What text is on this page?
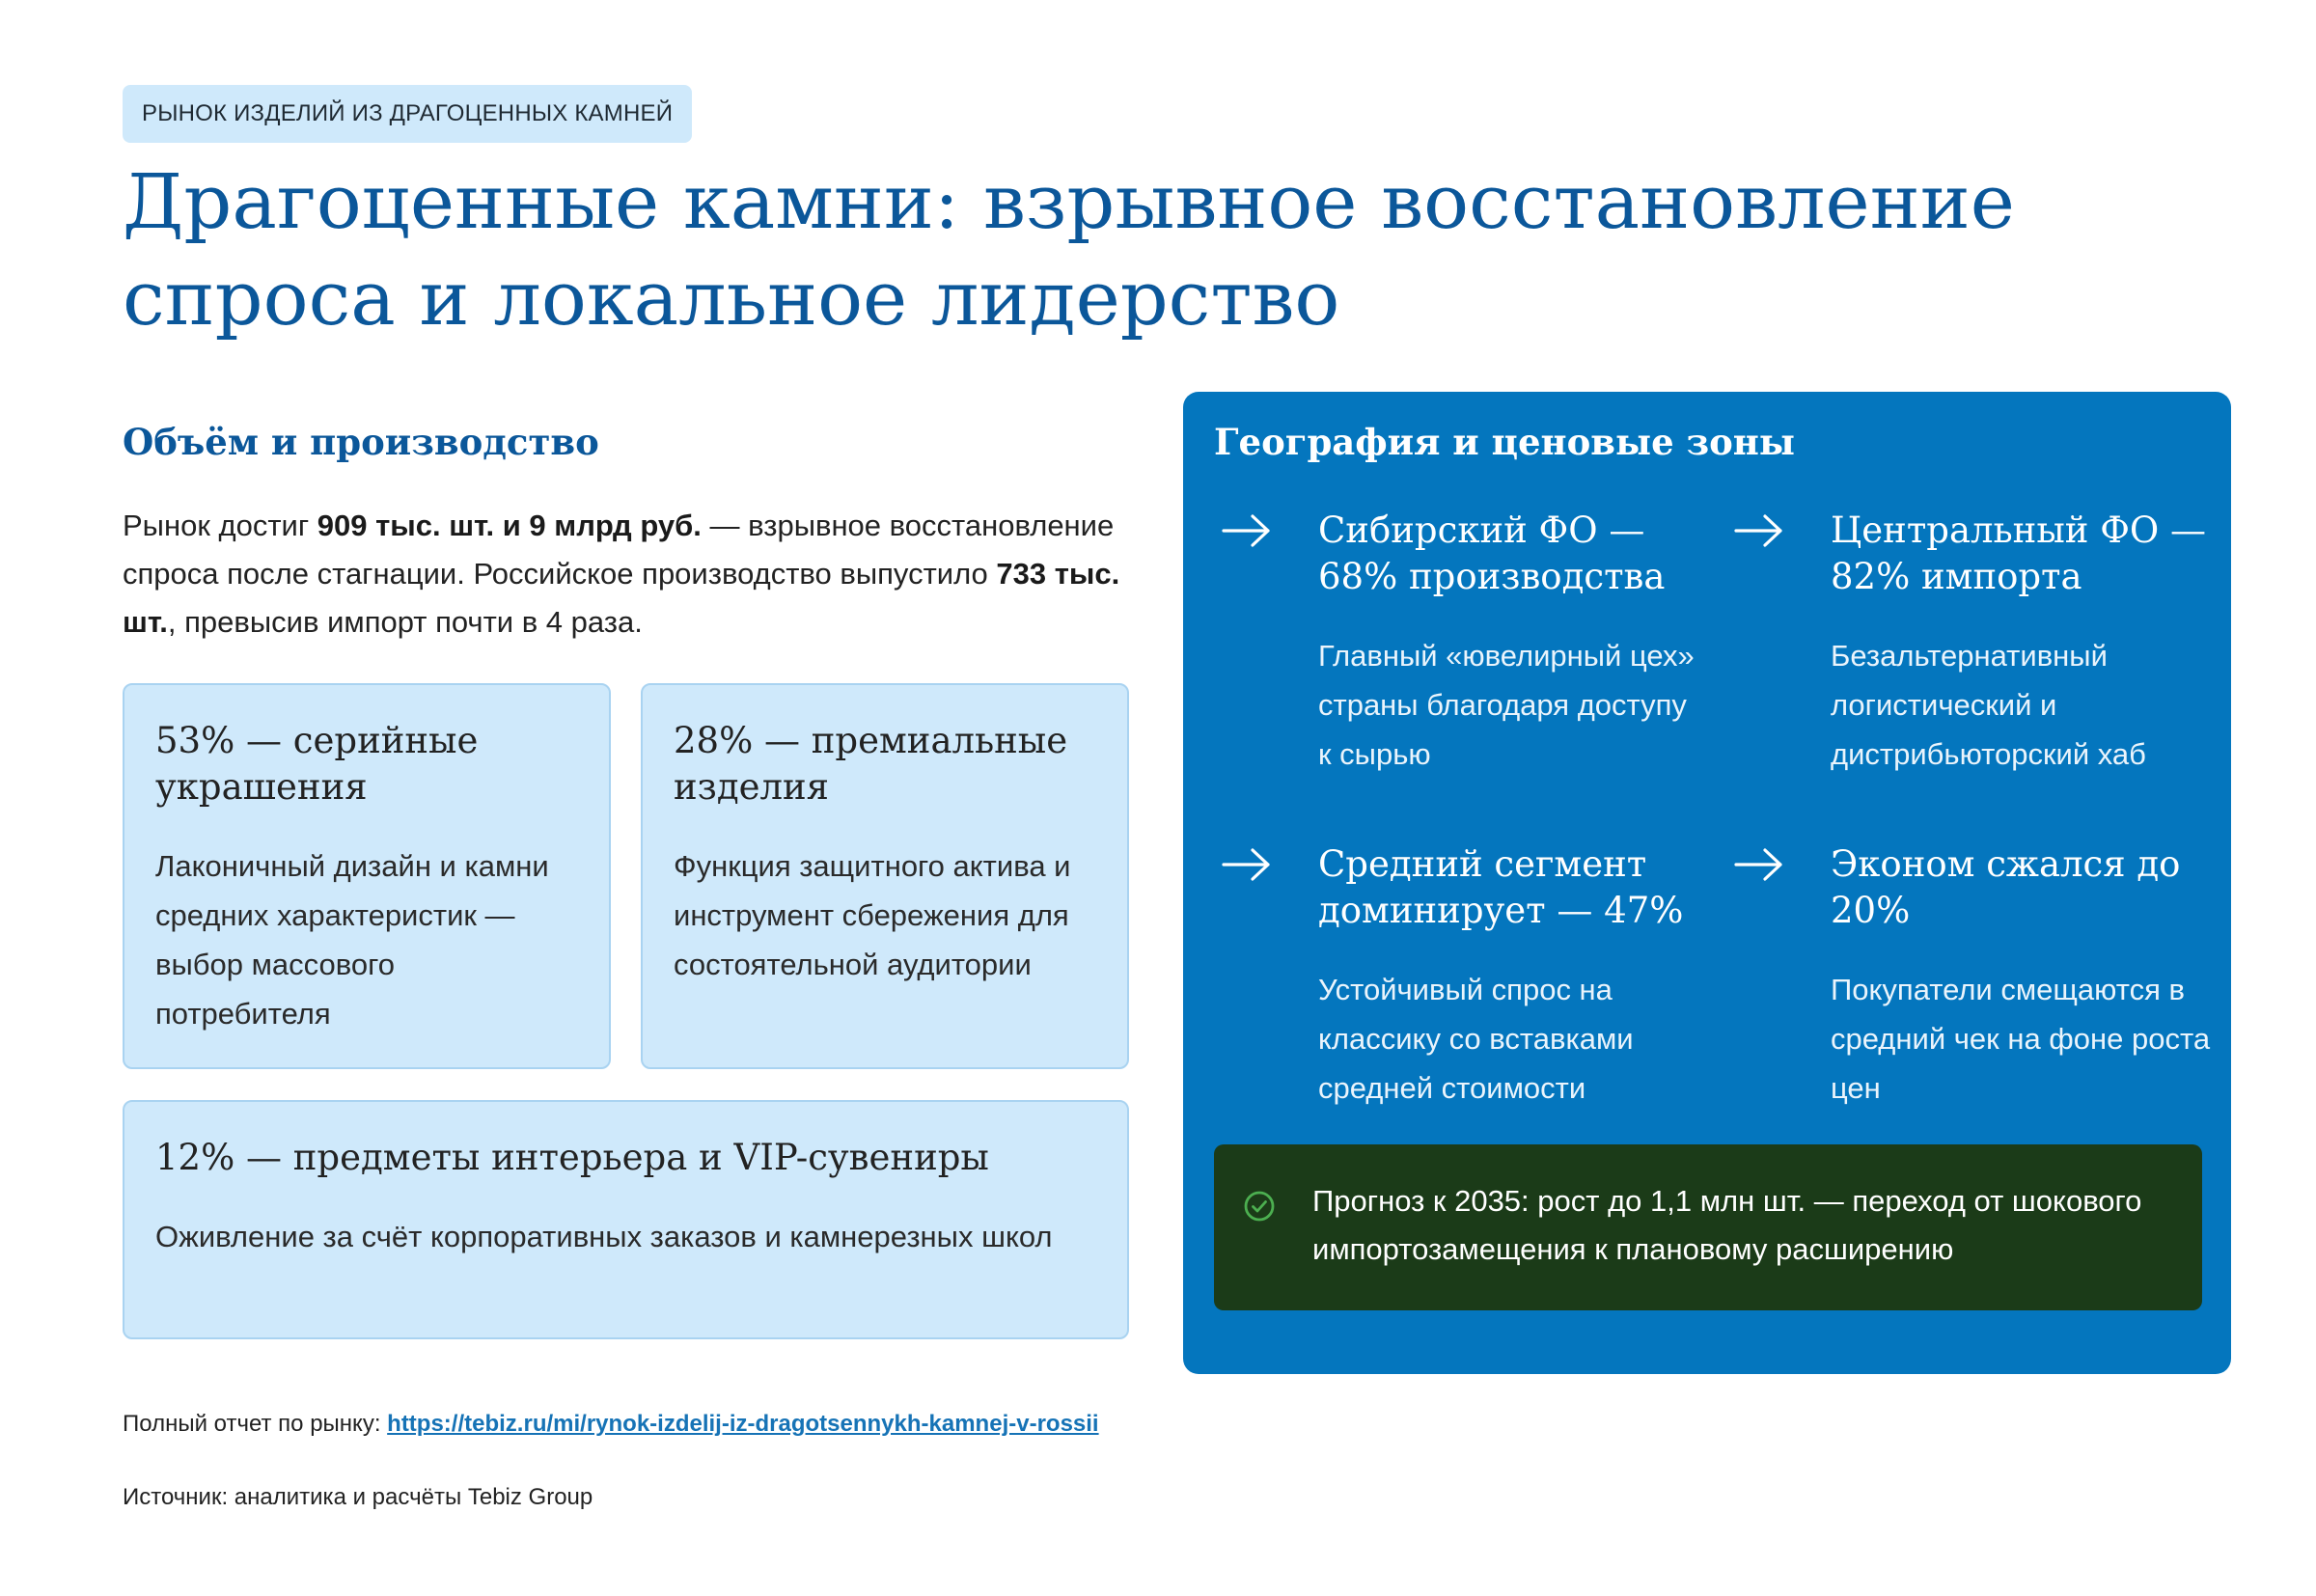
РЫНОК ИЗДЕЛИЙ ИЗ ДРАГОЦЕННЫХ КАМНЕЙ
Драгоценные камни: взрывное восстановление
спроса и локальное лидерство
Объём и производство

Рынок достиг 909 тыс. шт. и 9 млрд руб. — взрывное восстановление спроса после стагнации. Российское производство выпустило 733 тыс. шт., превысив импорт почти в 4 раза.

53% — серийные украшения
Лаконичный дизайн и камни средних характеристик — выбор массового потребителя
28% — премиальные изделия
Функция защитного актива и инструмент сбережения для состоятельной аудитории
12% — предметы интерьера и VIP-сувениры
Оживление за счёт корпоративных заказов и камнерезных школ
Полный отчет по рынку: https://tebiz.ru/mi/rynok-izdelij-iz-dragotsennykh-kamnej-v-rossii
Источник: аналитика и расчёты Tebiz Group
География и ценовые зоны
Сибирский ФО — 68% производства
Главный «ювелирный цех» страны благодаря доступу к сырью
Центральный ФО — 82% импорта
Безальтернативный логистический и дистрибьюторский хаб
Средний сегмент доминирует — 47%
Устойчивый спрос на классику со вставками средней стоимости
Эконом сжался до 20%
Покупатели смещаются в средний чек на фоне роста цен
Прогноз к 2035: рост до 1,1 млн шт. — переход от шокового импортозамещения к плановому расширению
